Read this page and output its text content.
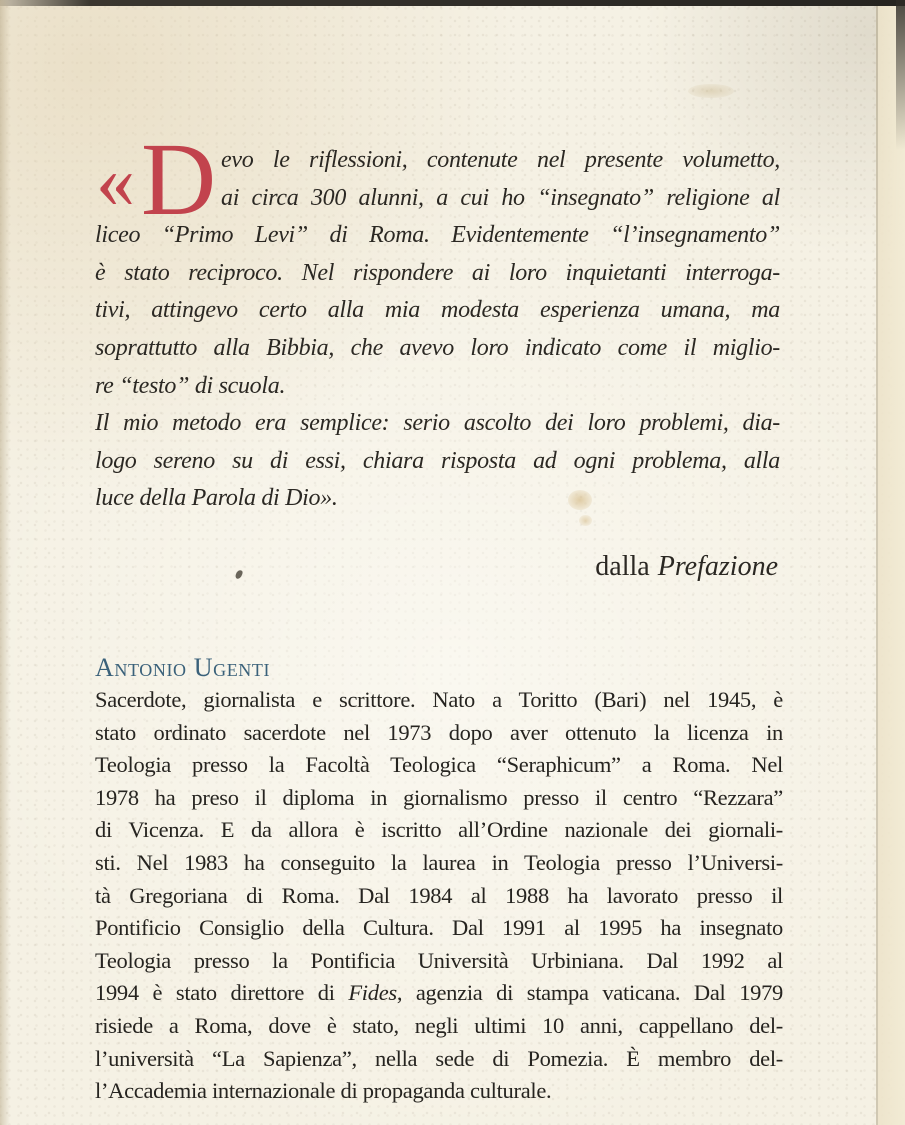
« D evo le riflessioni, contenute nel presente volumetto,
ai circa 300 alunni, a cui ho “insegnato” religione al
liceo “Primo Levi” di Roma. Evidentemente “l’insegnamento”
è stato reciproco. Nel rispondere ai loro inquietanti interroga-
tivi, attingevo certo alla mia modesta esperienza umana, ma
soprattutto alla Bibbia, che avevo loro indicato come il miglio-
re “testo” di scuola.
Il mio metodo era semplice: serio ascolto dei loro problemi, dia-
logo sereno su di essi, chiara risposta ad ogni problema, alla
luce della Parola di Dio».
dalla Prefazione
Antonio Ugenti
Sacerdote, giornalista e scrittore. Nato a Toritto (Bari) nel 1945, è
stato ordinato sacerdote nel 1973 dopo aver ottenuto la licenza in
Teologia presso la Facoltà Teologica “Seraphicum” a Roma. Nel
1978 ha preso il diploma in giornalismo presso il centro “Rezzara”
di Vicenza. E da allora è iscritto all’Ordine nazionale dei giornali-
sti. Nel 1983 ha conseguito la laurea in Teologia presso l’Universi-
tà Gregoriana di Roma. Dal 1984 al 1988 ha lavorato presso il
Pontificio Consiglio della Cultura. Dal 1991 al 1995 ha insegnato
Teologia presso la Pontificia Università Urbiniana. Dal 1992 al
1994 è stato direttore di Fides, agenzia di stampa vaticana. Dal 1979
risiede a Roma, dove è stato, negli ultimi 10 anni, cappellano del-
l’università “La Sapienza”, nella sede di Pomezia. È membro del-
l’Accademia internazionale di propaganda culturale.
